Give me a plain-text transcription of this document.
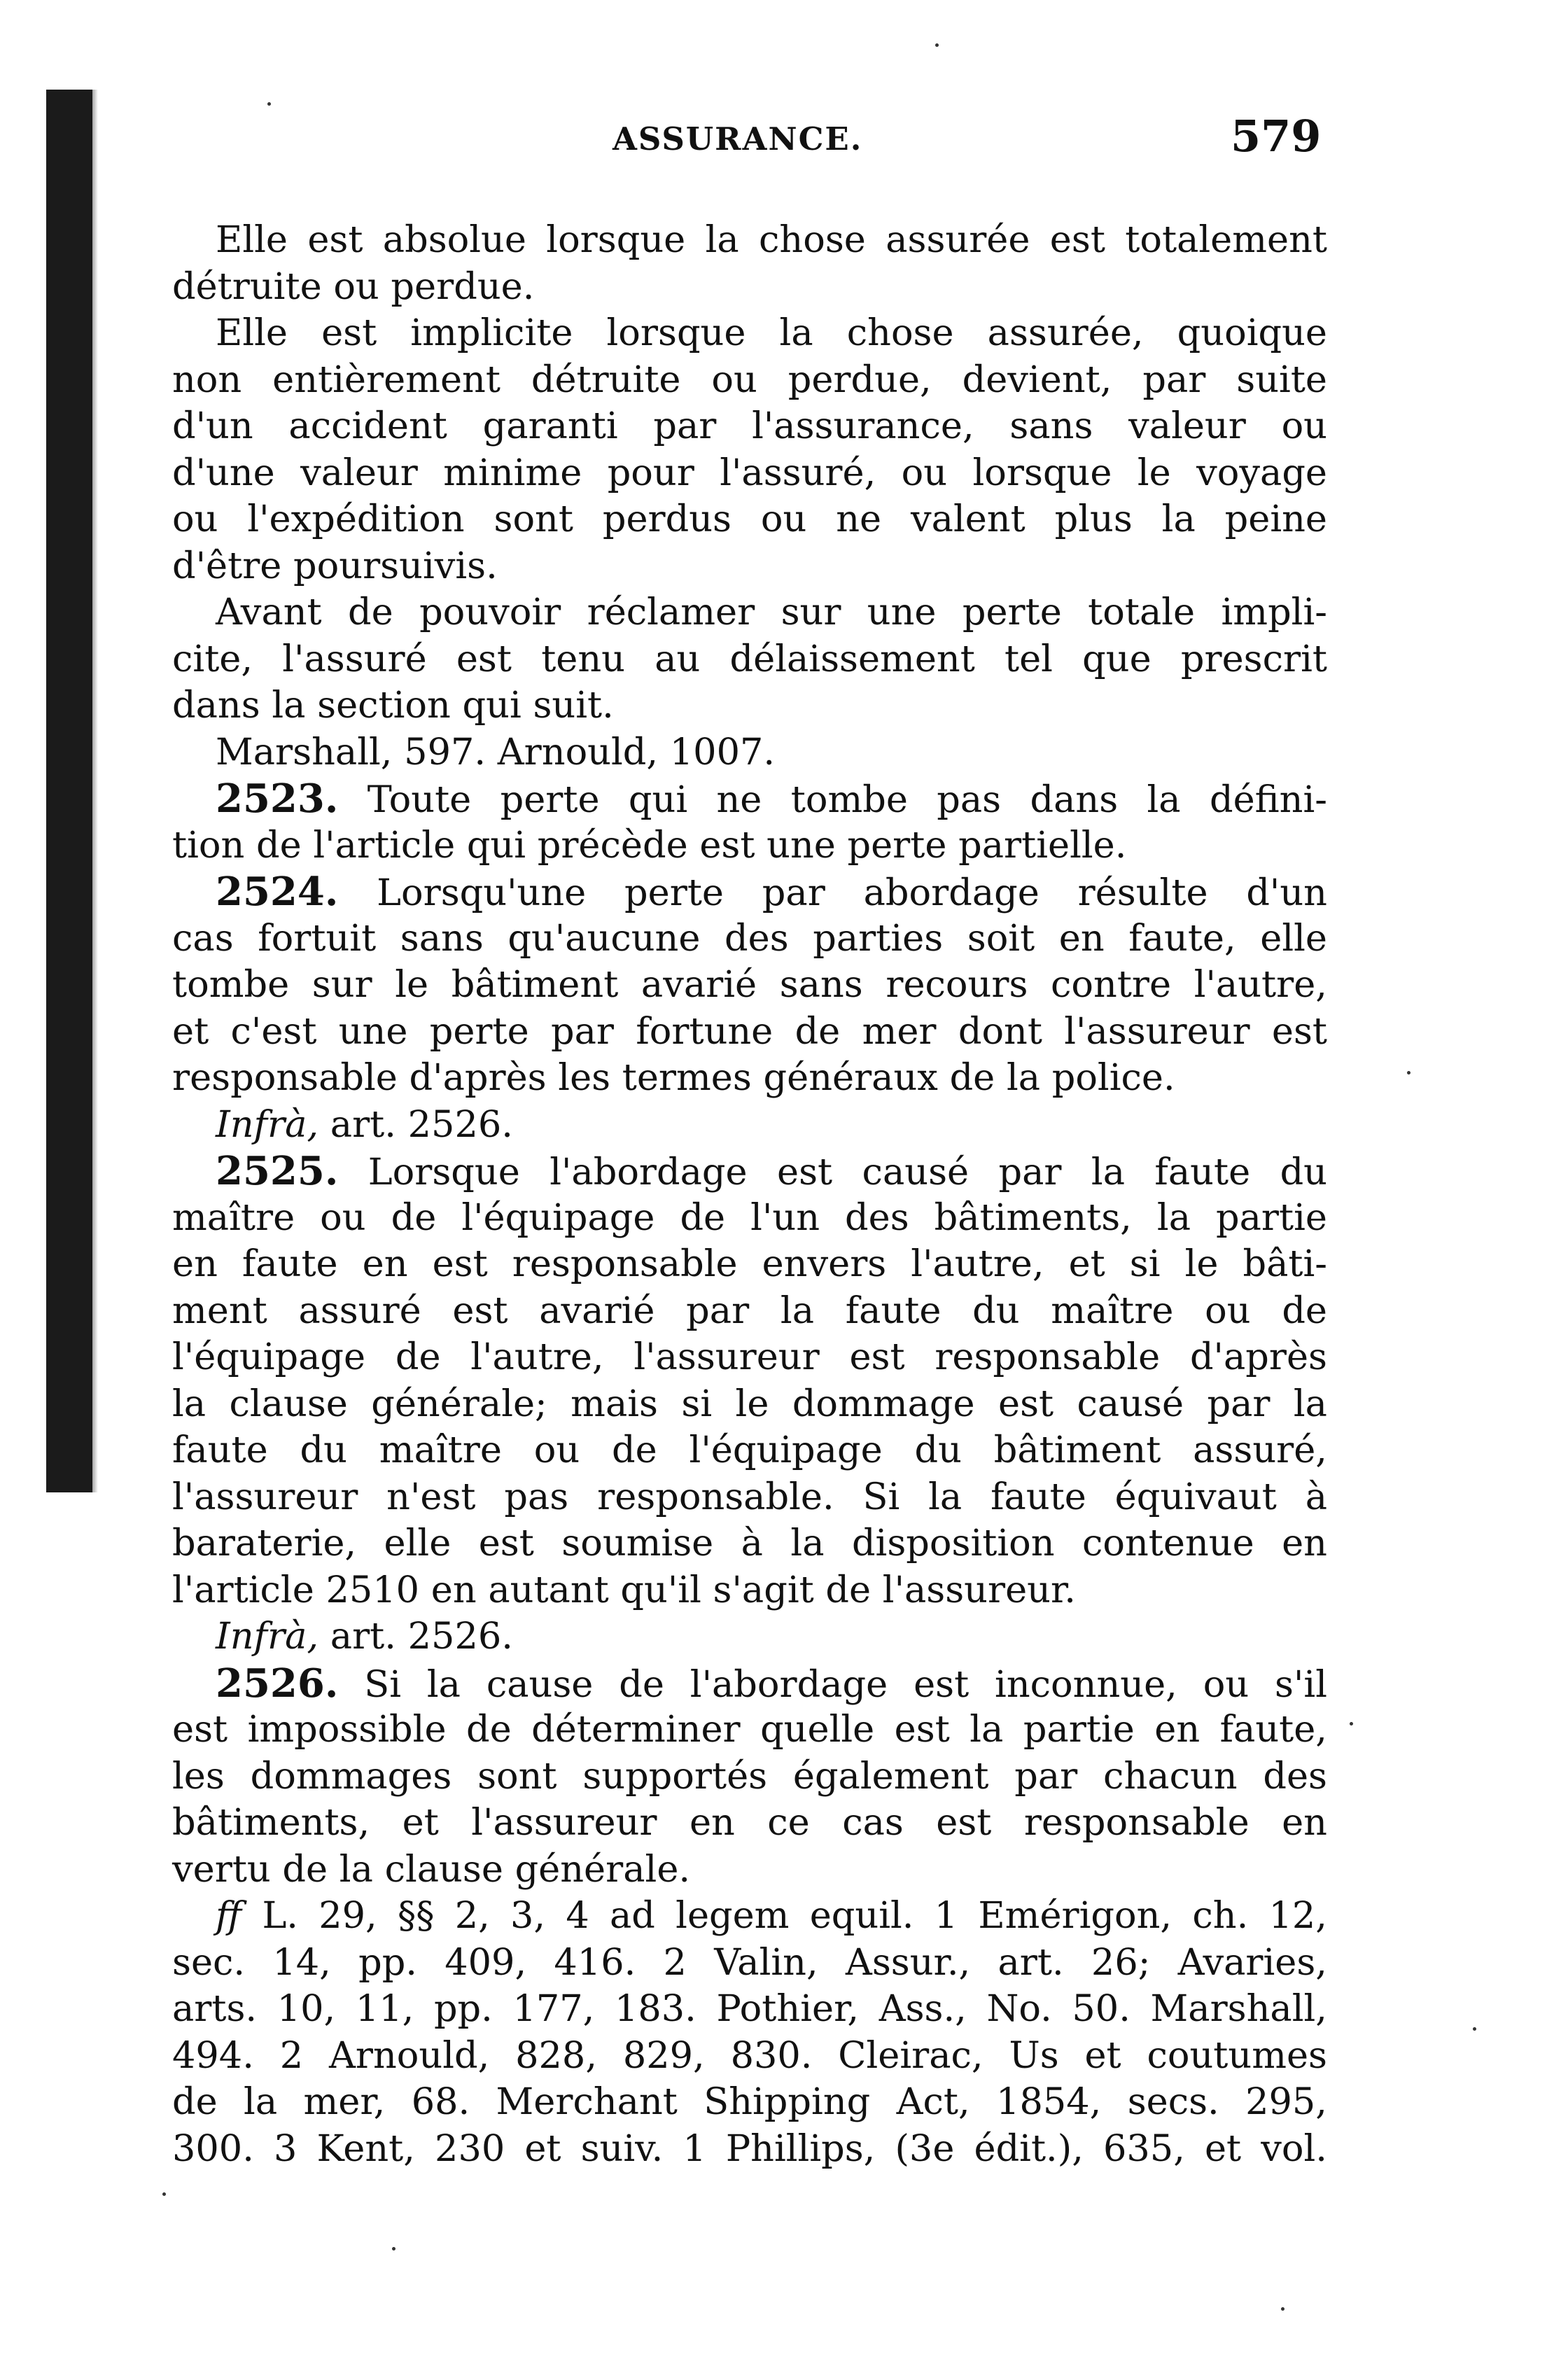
ASSURANCE.	579
Elle est absolue lorsque la chose assurée est totalement
détruite ou perdue.
Elle est implicite lorsque la chose assurée, quoique
non entièrement détruite ou perdue, devient, par suite
d'un accident garanti par l'assurance, sans valeur ou
d'une valeur minime pour l'assuré, ou lorsque le voyage
ou l'expédition sont perdus ou ne valent plus la peine
d'être poursuivis.
Avant de pouvoir réclamer sur une perte totale impli-
cite, l'assuré est tenu au délaissement tel que prescrit
dans la section qui suit.
Marshall, 597. Arnould, 1007.
2523. Toute perte qui ne tombe pas dans la défini-
tion de l'article qui précède est une perte partielle.
2524. Lorsqu'une perte par abordage résulte d'un
cas fortuit sans qu'aucune des parties soit en faute, elle
tombe sur le bâtiment avarié sans recours contre l'autre,
et c'est une perte par fortune de mer dont l'assureur est
responsable d'après les termes généraux de la police.
Infrà, art. 2526.
2525. Lorsque l'abordage est causé par la faute du
maître ou de l'équipage de l'un des bâtiments, la partie
en faute en est responsable envers l'autre, et si le bâti-
ment assuré est avarié par la faute du maître ou de
l'équipage de l'autre, l'assureur est responsable d'après
la clause générale; mais si le dommage est causé par la
faute du maître ou de l'équipage du bâtiment assuré,
l'assureur n'est pas responsable. Si la faute équivaut à
baraterie, elle est soumise à la disposition contenue en
l'article 2510 en autant qu'il s'agit de l'assureur.
Infrà, art. 2526.
2526. Si la cause de l'abordage est inconnue, ou s'il
est impossible de déterminer quelle est la partie en faute,
les dommages sont supportés également par chacun des
bâtiments, et l'assureur en ce cas est responsable en
vertu de la clause générale.
ff L. 29, §§ 2, 3, 4 ad legem equil. 1 Emérigon, ch. 12,
sec. 14, pp. 409, 416. 2 Valin, Assur., art. 26; Avaries,
arts. 10, 11, pp. 177, 183. Pothier, Ass., No. 50. Marshall,
494. 2 Arnould, 828, 829, 830. Cleirac, Us et coutumes
de la mer, 68. Merchant Shipping Act, 1854, secs. 295,
300. 3 Kent, 230 et suiv. 1 Phillips, (3e édit.), 635, et vol.
